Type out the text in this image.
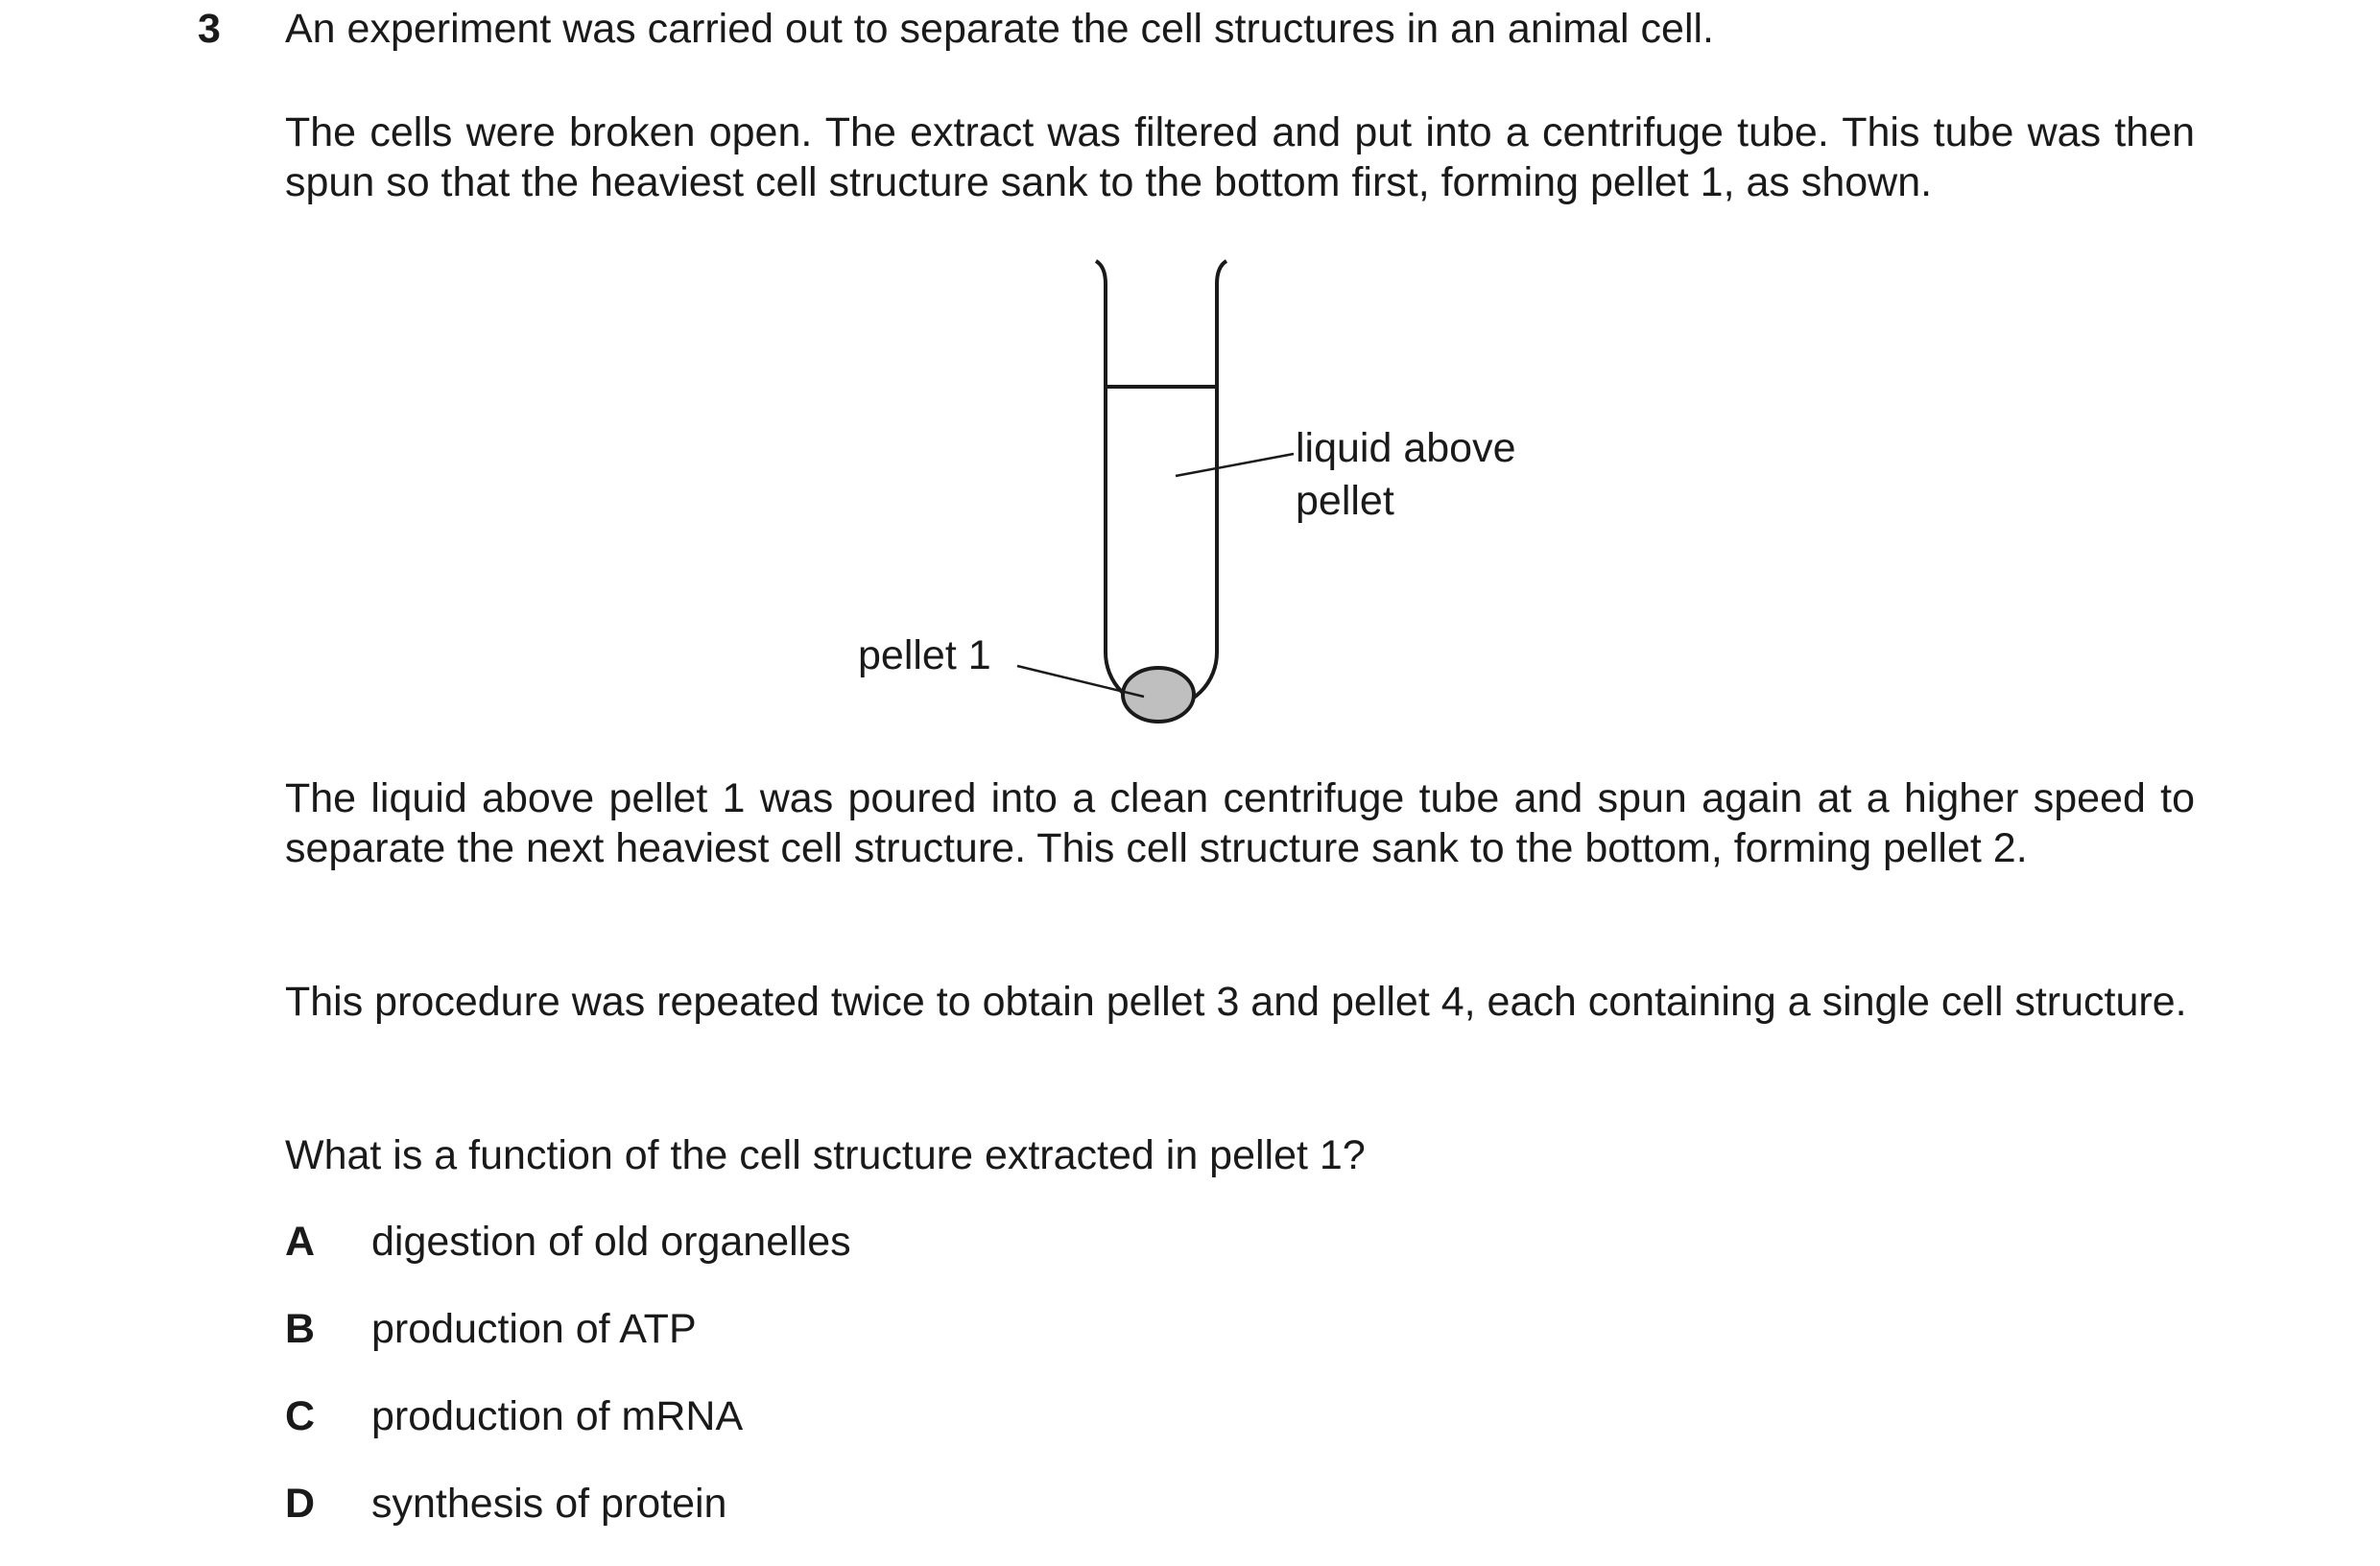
3 An experiment was carried out to separate the cell structures in an animal cell.

The cells were broken open. The extract was filtered and put into a centrifuge tube. This tube was then spun so that the heaviest cell structure sank to the bottom first, forming pellet 1, as shown.

liquid above pellet
pellet 1

The liquid above pellet 1 was poured into a clean centrifuge tube and spun again at a higher speed to separate the next heaviest cell structure. This cell structure sank to the bottom, forming pellet 2.

This procedure was repeated twice to obtain pellet 3 and pellet 4, each containing a single cell structure.

What is a function of the cell structure extracted in pellet 1?

A digestion of old organelles
B production of ATP
C production of mRNA
D synthesis of protein
